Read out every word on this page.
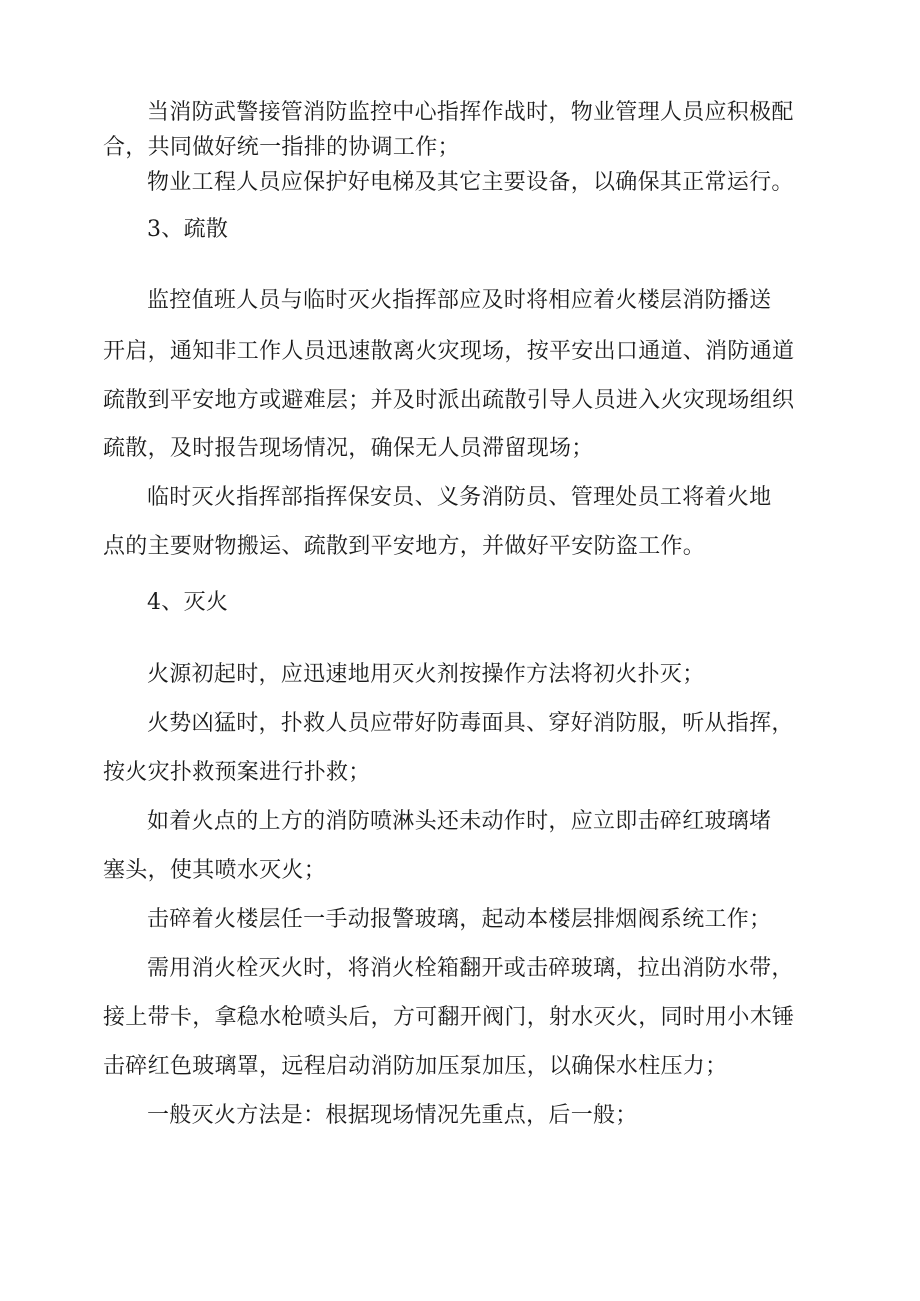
当消防武警接管消防监控中心指挥作战时，物业管理人员应积极配
合，共同做好统一指排的协调工作；
物业工程人员应保护好电梯及其它主要设备，以确保其正常运行。
3、疏散
监控值班人员与临时灭火指挥部应及时将相应着火楼层消防播送
开启，通知非工作人员迅速散离火灾现场，按平安出口通道、消防通道
疏散到平安地方或避难层；并及时派出疏散引导人员进入火灾现场组织
疏散，及时报告现场情况，确保无人员滞留现场；
临时灭火指挥部指挥保安员、义务消防员、管理处员工将着火地
点的主要财物搬运、疏散到平安地方，并做好平安防盗工作。
4、灭火
火源初起时，应迅速地用灭火剂按操作方法将初火扑灭；
火势凶猛时，扑救人员应带好防毒面具、穿好消防服，听从指挥，
按火灾扑救预案进行扑救；
如着火点的上方的消防喷淋头还未动作时，应立即击碎红玻璃堵
塞头，使其喷水灭火；
击碎着火楼层任一手动报警玻璃，起动本楼层排烟阀系统工作；
需用消火栓灭火时，将消火栓箱翻开或击碎玻璃，拉出消防水带，
接上带卡，拿稳水枪喷头后，方可翻开阀门，射水灭火，同时用小木锤
击碎红色玻璃罩，远程启动消防加压泵加压，以确保水柱压力；
一般灭火方法是：根据现场情况先重点，后一般；
